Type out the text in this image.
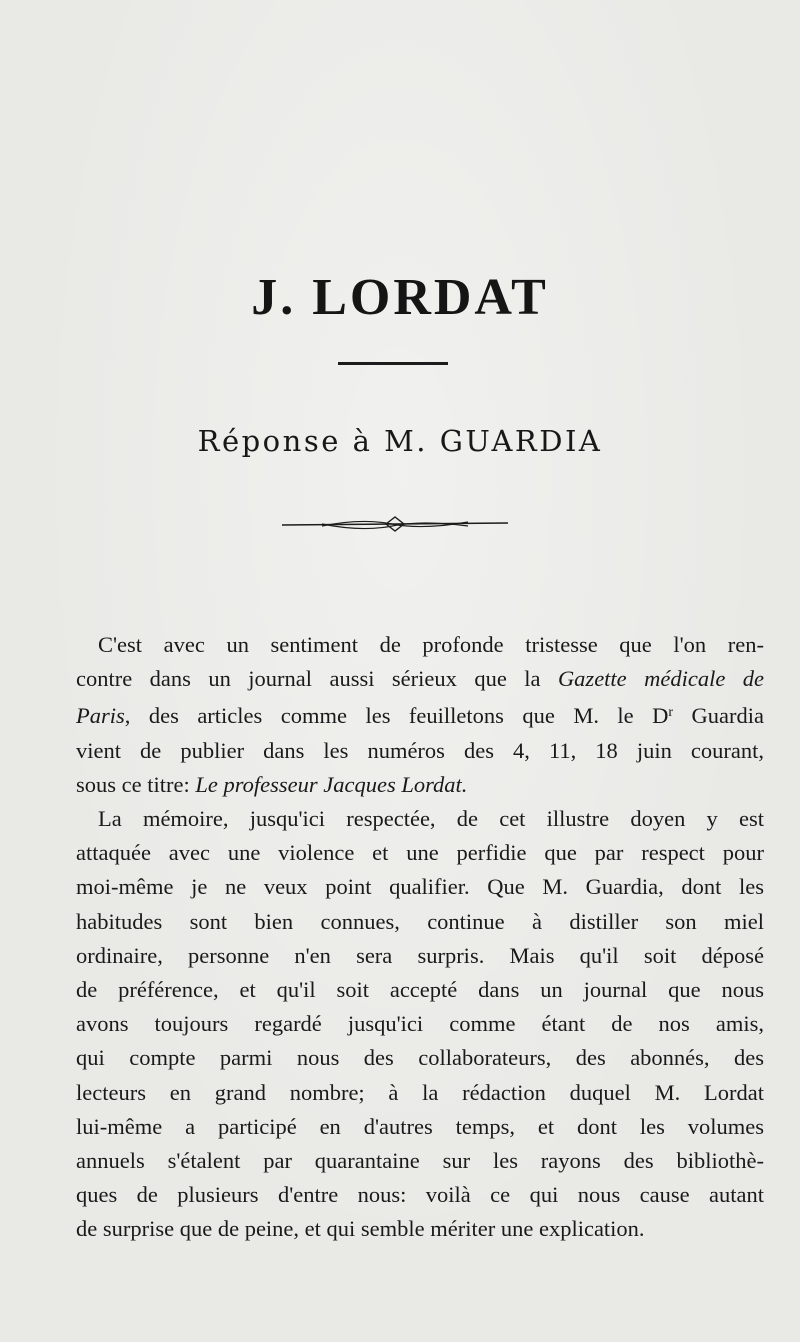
J. LORDAT
Réponse à M. GUARDIA
C'est avec un sentiment de profonde tristesse que l'on ren-
contre dans un journal aussi sérieux que la Gazette médicale de
Paris, des articles comme les feuilletons que M. le $D^r$ Guardia
vient de publier dans les numéros des 4, 11, 18 juin courant,
sous ce titre: Le professeur Jacques Lordat.
La mémoire, jusqu'ici respectée, de cet illustre doyen y est
attaquée avec une violence et une perfidie que par respect pour
moi-même je ne veux point qualifier. Que M. Guardia, dont les
habitudes sont bien connues, continue à distiller son miel
ordinaire, personne n'en sera surpris. Mais qu'il soit déposé
de préférence, et qu'il soit accepté dans un journal que nous
avons toujours regardé jusqu'ici comme étant de nos amis,
qui compte parmi nous des collaborateurs, des abonnés, des
lecteurs en grand nombre; à la rédaction duquel M. Lordat
lui-même a participé en d'autres temps, et dont les volumes
annuels s'étalent par quarantaine sur les rayons des bibliothè-
ques de plusieurs d'entre nous: voilà ce qui nous cause autant
de surprise que de peine, et qui semble mériter une explication.
